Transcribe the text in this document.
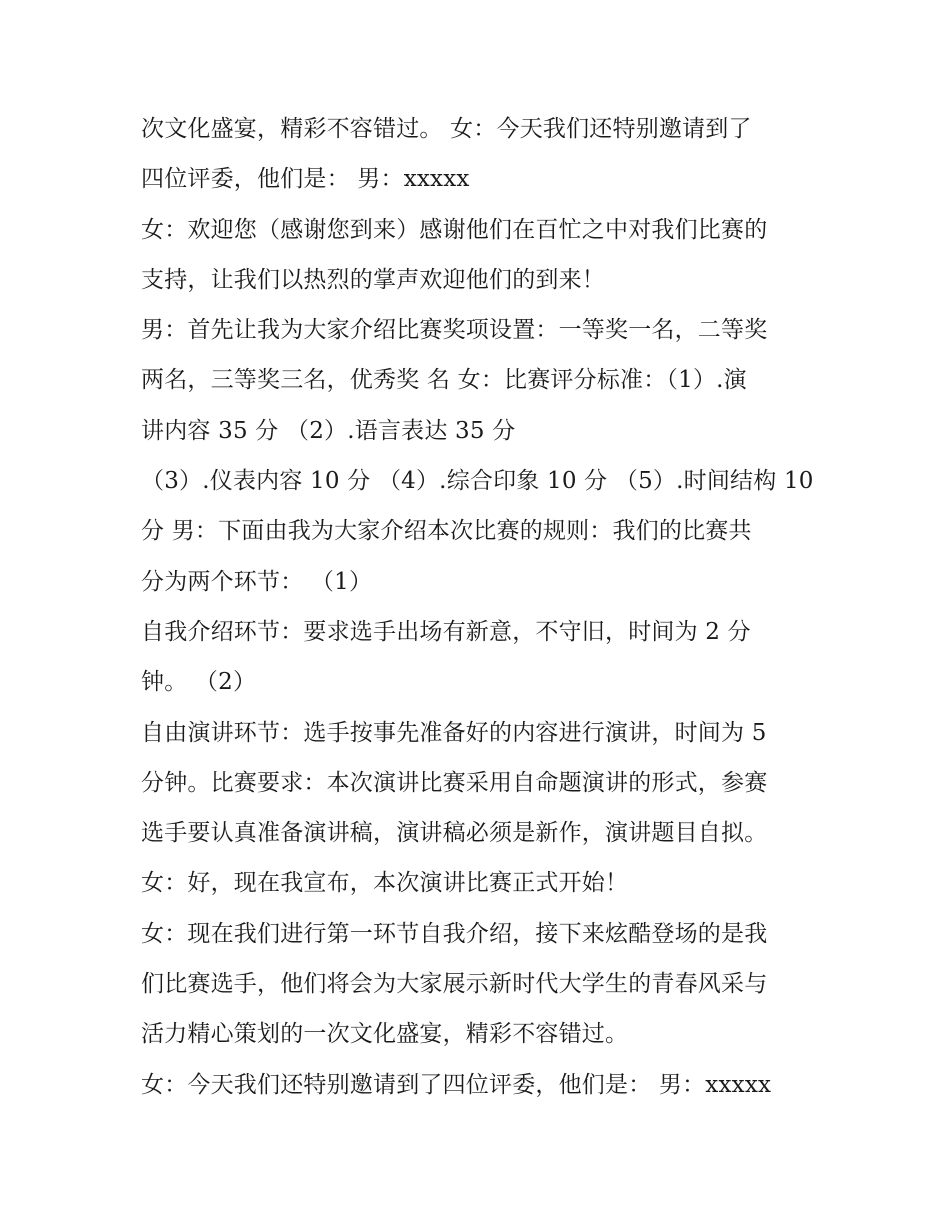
次文化盛宴，精彩不容错过。 女：今天我们还特别邀请到了
四位评委，他们是： 男：xxxxx
女：欢迎您（感谢您到来）感谢他们在百忙之中对我们比赛的
支持，让我们以热烈的掌声欢迎他们的到来！
男：首先让我为大家介绍比赛奖项设置：一等奖一名，二等奖
两名，三等奖三名，优秀奖 名 女：比赛评分标准：（1）.演
讲内容 35 分 （2）.语言表达 35 分
（3）.仪表内容 10 分 （4）.综合印象 10 分 （5）.时间结构 10
分 男：下面由我为大家介绍本次比赛的规则：我们的比赛共
分为两个环节： （1）
自我介绍环节：要求选手出场有新意，不守旧，时间为 2 分
钟。 （2）
自由演讲环节：选手按事先准备好的内容进行演讲，时间为 5
分钟。比赛要求：本次演讲比赛采用自命题演讲的形式，参赛
选手要认真准备演讲稿，演讲稿必须是新作，演讲题目自拟。
女：好，现在我宣布，本次演讲比赛正式开始！
女：现在我们进行第一环节自我介绍，接下来炫酷登场的是我
们比赛选手，他们将会为大家展示新时代大学生的青春风采与
活力精心策划的一次文化盛宴，精彩不容错过。
女：今天我们还特别邀请到了四位评委，他们是： 男：xxxxx
